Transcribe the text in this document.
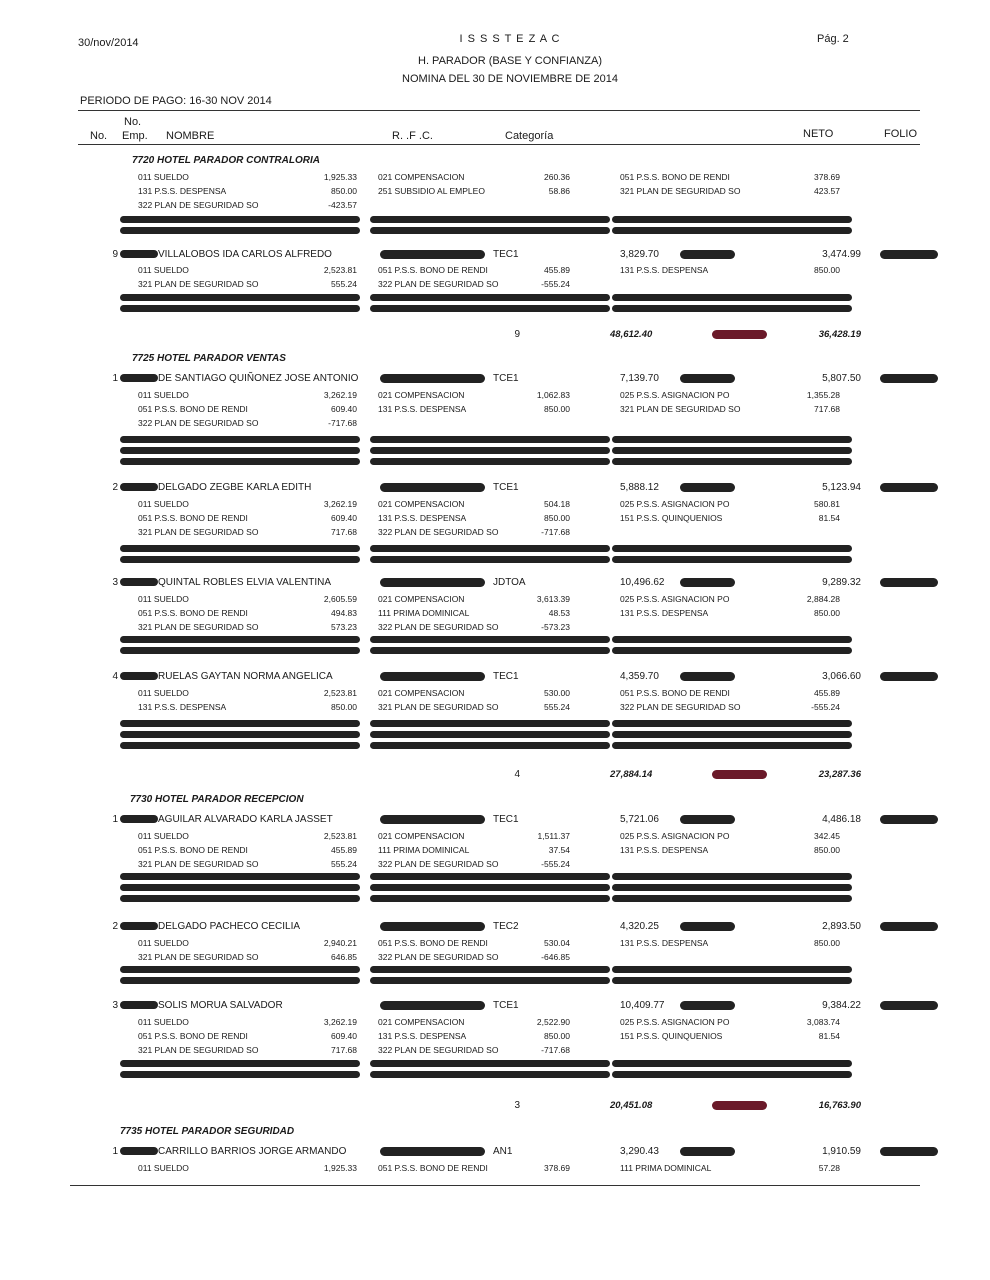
30/nov/2014	I S S S T E Z A C	Pág. 2
H. PARADOR (BASE Y CONFIANZA)
NOMINA DEL 30 DE NOVIEMBRE DE 2014
PERIODO DE PAGO: 16-30 NOV 2014
No.
No. Emp. NOMBRE	R. .F .C.	Categoría	NETO	FOLIO
7720 HOTEL PARADOR CONTRALORIA
011 SUELDO	1,925.33 021 COMPENSACION	260.36	051 P.S.S. BONO DE RENDI	378.69
131 P.S.S. DESPENSA	850.00 251 SUBSIDIO AL EMPLEO	58.86	321 PLAN DE SEGURIDAD SO	423.57
322 PLAN DE SEGURIDAD SO	-423.57
9	VILLALOBOS IDA CARLOS ALFREDO	TEC1	3,829.70	3,474.99
011 SUELDO	2,523.81 051 P.S.S. BONO DE RENDI	455.89	131 P.S.S. DESPENSA	850.00
321 PLAN DE SEGURIDAD SO	555.24 322 PLAN DE SEGURIDAD SO	-555.24
9	48,612.40	36,428.19
7725 HOTEL PARADOR VENTAS
1	DE SANTIAGO QUIÑONEZ JOSE ANTONIO	TCE1	7,139.70	5,807.50
011 SUELDO	3,262.19 021 COMPENSACION	1,062.83	025 P.S.S. ASIGNACION PO	1,355.28
051 P.S.S. BONO DE RENDI	609.40 131 P.S.S. DESPENSA	850.00	321 PLAN DE SEGURIDAD SO	717.68
322 PLAN DE SEGURIDAD SO	-717.68
2	DELGADO ZEGBE KARLA EDITH	TCE1	5,888.12	5,123.94
011 SUELDO	3,262.19 021 COMPENSACION	504.18	025 P.S.S. ASIGNACION PO	580.81
051 P.S.S. BONO DE RENDI	609.40 131 P.S.S. DESPENSA	850.00	151 P.S.S. QUINQUENIOS	81.54
321 PLAN DE SEGURIDAD SO	717.68 322 PLAN DE SEGURIDAD SO	-717.68
3	QUINTAL ROBLES ELVIA VALENTINA	JDTOA	10,496.62	9,289.32
011 SUELDO	2,605.59 021 COMPENSACION	3,613.39	025 P.S.S. ASIGNACION PO	2,884.28
051 P.S.S. BONO DE RENDI	494.83 111 PRIMA DOMINICAL	48.53	131 P.S.S. DESPENSA	850.00
321 PLAN DE SEGURIDAD SO	573.23 322 PLAN DE SEGURIDAD SO	-573.23
4	RUELAS GAYTAN NORMA ANGELICA	TEC1	4,359.70	3,066.60
011 SUELDO	2,523.81 021 COMPENSACION	530.00	051 P.S.S. BONO DE RENDI	455.89
131 P.S.S. DESPENSA	850.00 321 PLAN DE SEGURIDAD SO	555.24	322 PLAN DE SEGURIDAD SO	-555.24
4	27,884.14	23,287.36
7730 HOTEL PARADOR RECEPCION
1	AGUILAR ALVARADO KARLA JASSET	TEC1	5,721.06	4,486.18
011 SUELDO	2,523.81 021 COMPENSACION	1,511.37	025 P.S.S. ASIGNACION PO	342.45
051 P.S.S. BONO DE RENDI	455.89 111 PRIMA DOMINICAL	37.54	131 P.S.S. DESPENSA	850.00
321 PLAN DE SEGURIDAD SO	555.24 322 PLAN DE SEGURIDAD SO	-555.24
2	DELGADO PACHECO CECILIA	TEC2	4,320.25	2,893.50
011 SUELDO	2,940.21 051 P.S.S. BONO DE RENDI	530.04	131 P.S.S. DESPENSA	850.00
321 PLAN DE SEGURIDAD SO	646.85 322 PLAN DE SEGURIDAD SO	-646.85
3	SOLIS MORUA SALVADOR	TCE1	10,409.77	9,384.22
011 SUELDO	3,262.19 021 COMPENSACION	2,522.90	025 P.S.S. ASIGNACION PO	3,083.74
051 P.S.S. BONO DE RENDI	609.40 131 P.S.S. DESPENSA	850.00	151 P.S.S. QUINQUENIOS	81.54
321 PLAN DE SEGURIDAD SO	717.68 322 PLAN DE SEGURIDAD SO	-717.68
3	20,451.08	16,763.90
7735 HOTEL PARADOR SEGURIDAD
1	CARRILLO BARRIOS JORGE ARMANDO	AN1	3,290.43	1,910.59
011 SUELDO	1,925.33 051 P.S.S. BONO DE RENDI	378.69	111 PRIMA DOMINICAL	57.28
